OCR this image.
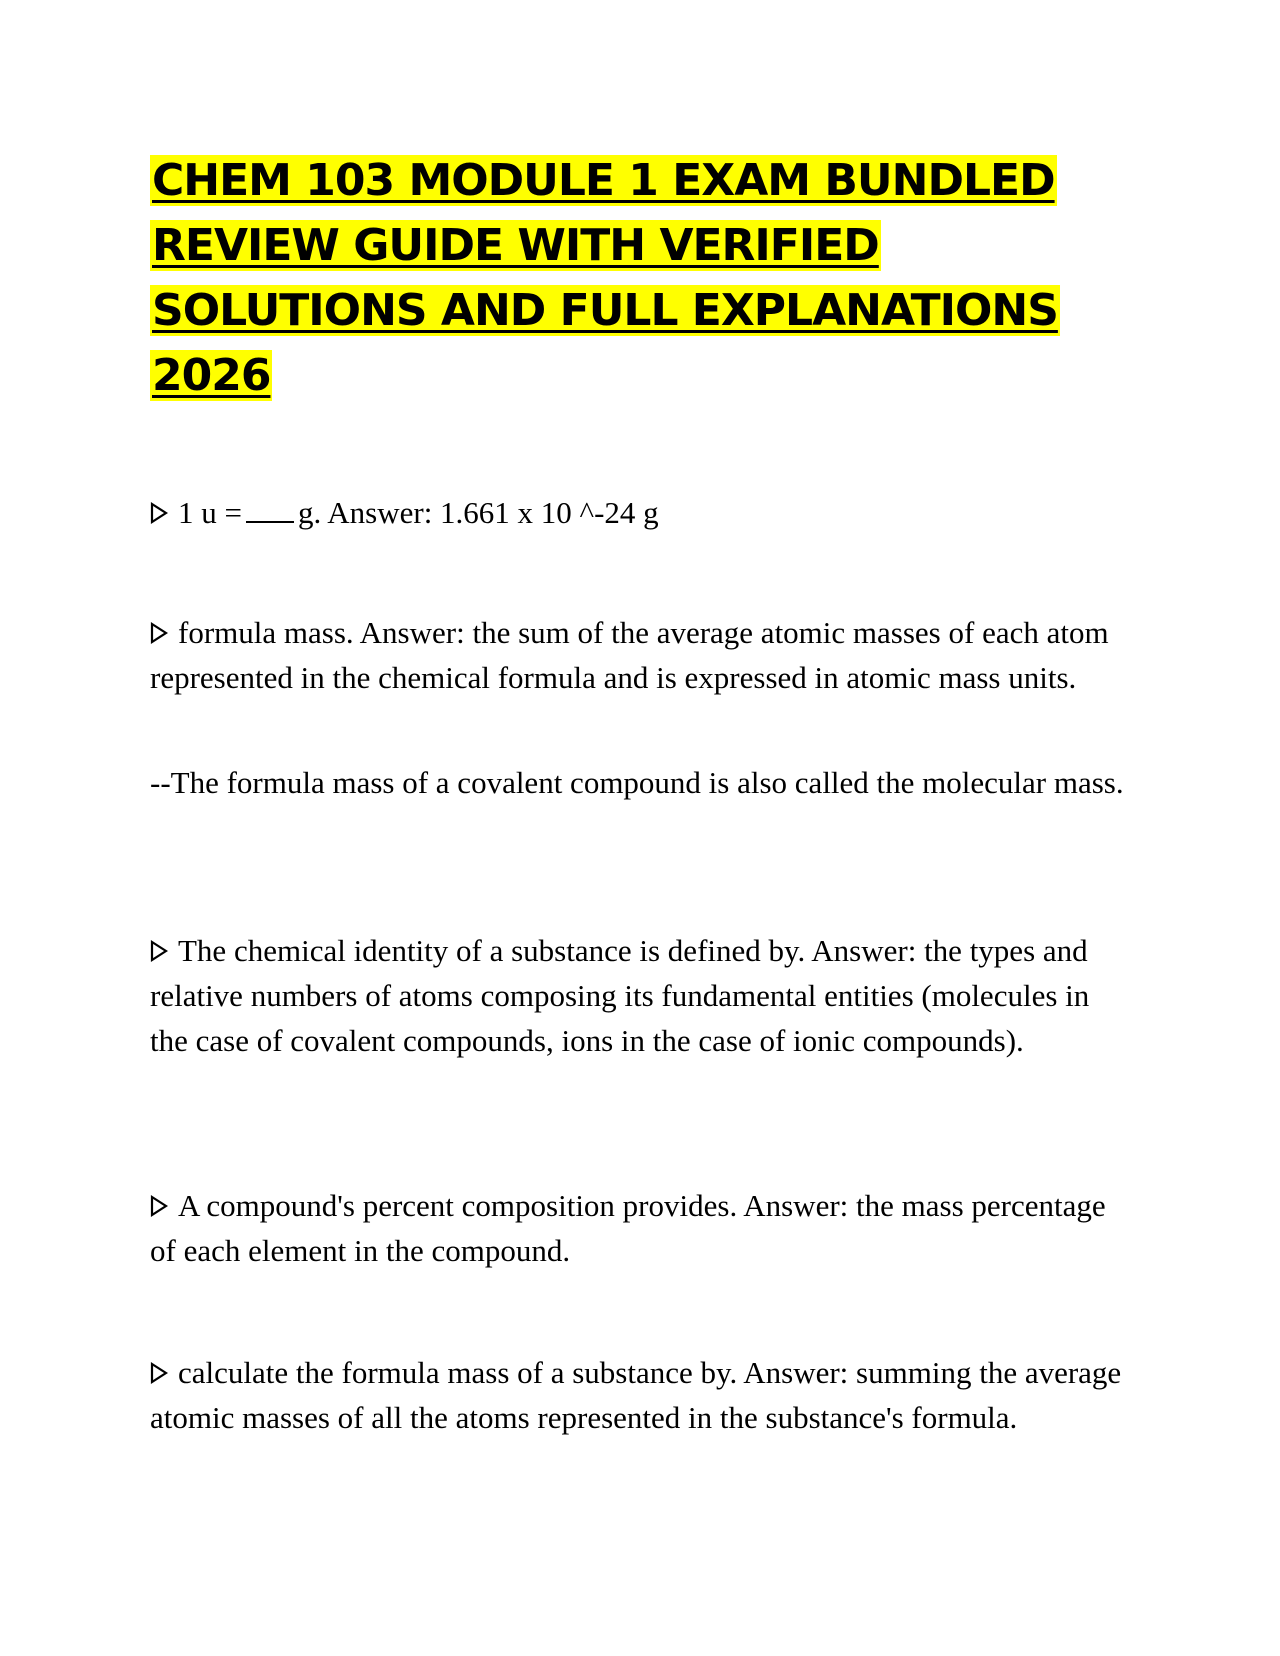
CHEM 103 MODULE 1 EXAM BUNDLED REVIEW GUIDE WITH VERIFIED SOLUTIONS AND FULL EXPLANATIONS 2026

1 u = g. Answer: 1.661 x 10 ^-24 g

formula mass. Answer: the sum of the average atomic masses of each atom represented in the chemical formula and is expressed in atomic mass units.

--The formula mass of a covalent compound is also called the molecular mass.

The chemical identity of a substance is defined by. Answer: the types and relative numbers of atoms composing its fundamental entities (molecules in the case of covalent compounds, ions in the case of ionic compounds).

A compound's percent composition provides. Answer: the mass percentage of each element in the compound.

calculate the formula mass of a substance by. Answer: summing the average atomic masses of all the atoms represented in the substance's formula.
